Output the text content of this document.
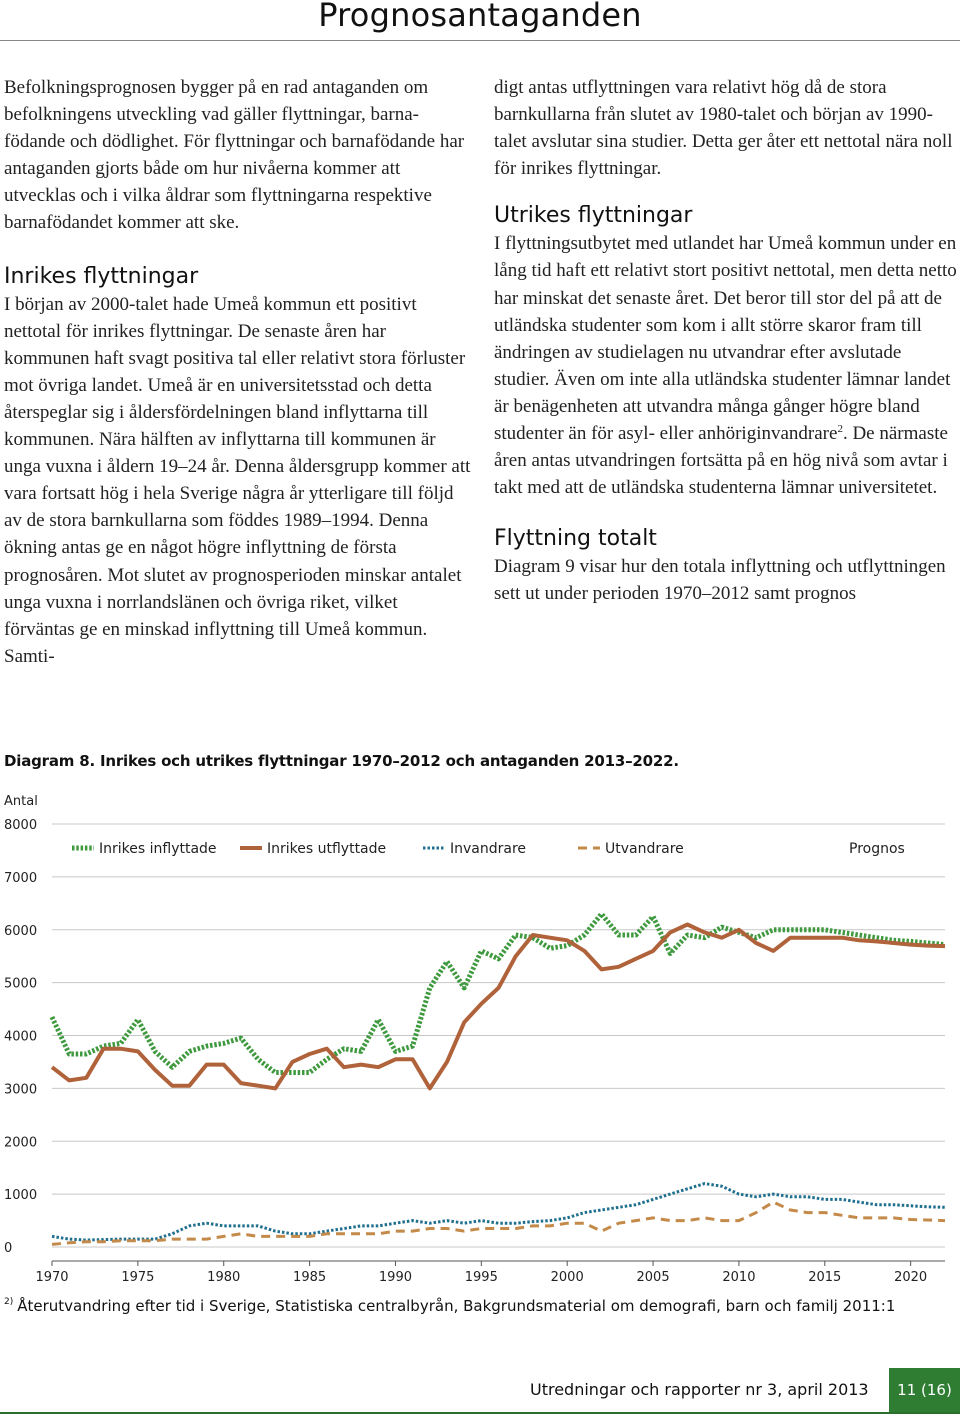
Prognosantaganden

Befolkningsprognosen bygger på en rad antaganden om befolkningens utveckling vad gäller flyttningar, barnafödande och dödlighet. För flyttningar och barnafödande har antaganden gjorts både om hur nivåerna kommer att utvecklas och i vilka åldrar som flyttningarna respektive barnafödandet kommer att ske.

Inrikes flyttningar

I början av 2000-talet hade Umeå kommun ett positivt nettotal för inrikes flyttningar. De senaste åren har kommunen haft svagt positiva tal eller relativt stora förluster mot övriga landet. Umeå är en universitetsstad och detta återspeglar sig i åldersfördelningen bland inflyttarna till kommunen. Nära hälften av inflyttarna till kommunen är unga vuxna i åldern 19–24 år. Denna åldersgrupp kommer att vara fortsatt hög i hela Sverige några år ytterligare till följd av de stora barnkullarna som föddes 1989–1994. Denna ökning antas ge en något högre inflyttning de första prognosåren. Mot slutet av prognosperioden minskar antalet unga vuxna i norrlandslänen och övriga riket, vilket förväntas ge en minskad inflyttning till Umeå kommun. Samti-

digt antas utflyttningen vara relativt hög då de stora barnkullarna från slutet av 1980-talet och början av 1990-talet avslutar sina studier. Detta ger åter ett nettotal nära noll för inrikes flyttningar.

Utrikes flyttningar

I flyttningsutbytet med utlandet har Umeå kommun under en lång tid haft ett relativt stort positivt nettotal, men detta netto har minskat det senaste året. Det beror till stor del på att de utländska studenter som kom i allt större skaror fram till ändringen av studielagen nu utvandrar efter avslutade studier. Även om inte alla utländska studenter lämnar landet är benägenheten att utvandra många gånger högre bland studenter än för asyl- eller anhöriginvandrare$^2$. De närmaste åren antas utvandringen fortsätta på en hög nivå som avtar i takt med att de utländska studenterna lämnar universitetet.

Flyttning totalt

Diagram 9 visar hur den totala inflyttning och utflyttningen sett ut under perioden 1970–2012 samt prognos

Diagram 8. Inrikes och utrikes flyttningar 1970–2012 och antaganden 2013–2022.
Antal
0
1000
2000
3000
4000
5000
6000
7000
8000
1970	1975	1980	1985	1990	1995	2000	2005	2010	2015	2020
Inrikes inflyttade	Inrikes utflyttade	Invandrare	Utvandrare	Prognos
$^{2)}$ Återutvandring efter tid i Sverige, Statistiska centralbyrån, Bakgrundsmaterial om demografi, barn och familj 2011:1
Utredningar och rapporter nr 3, april 2013	11 (16)
